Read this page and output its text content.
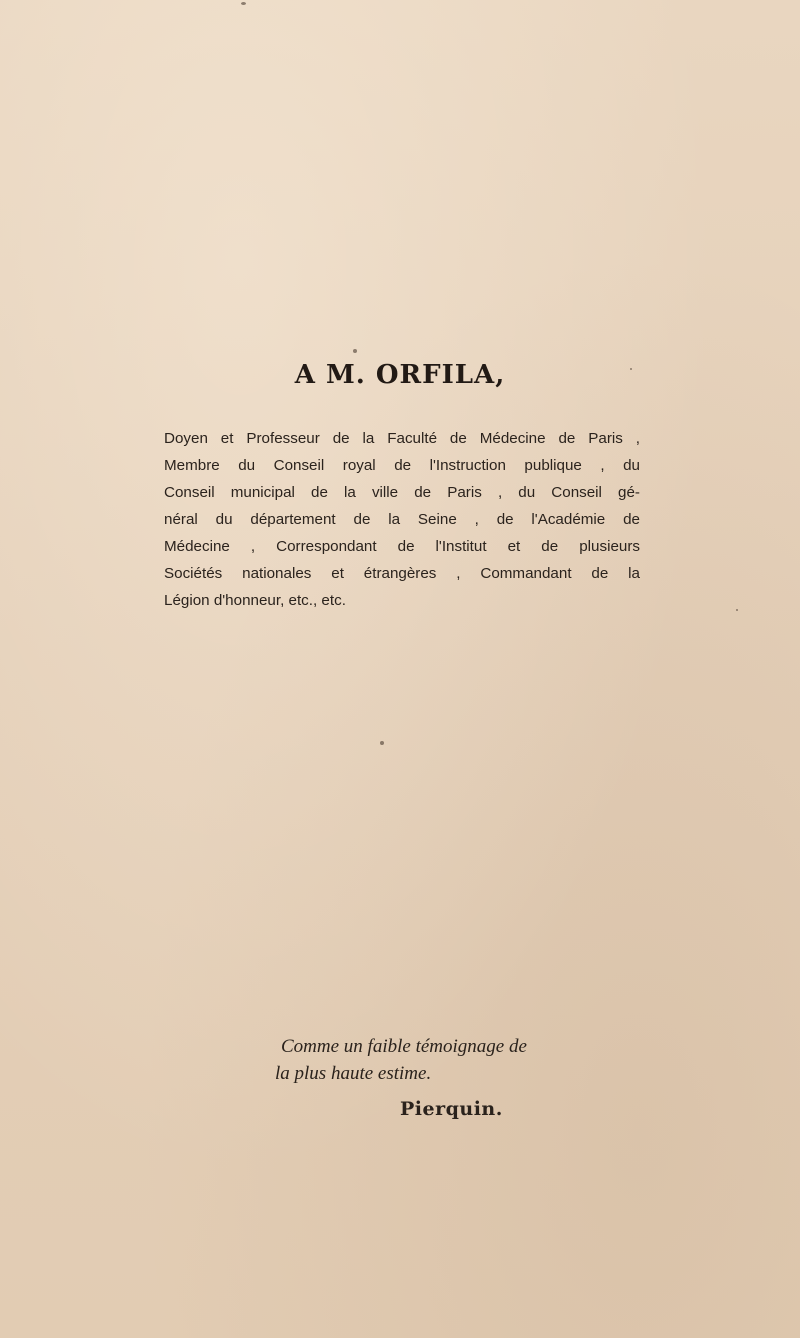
A M. ORFILA,
Doyen et Professeur de la Faculté de Médecine de Paris ,
Membre du Conseil royal de l'Instruction publique , du
Conseil municipal de la ville de Paris , du Conseil gé-
néral du département de la Seine , de l'Académie de
Médecine , Correspondant de l'Institut et de plusieurs
Sociétés nationales et étrangères , Commandant de la
Légion d'honneur, etc., etc.
Comme un faible témoignage de
la plus haute estime.
Pierquin.
